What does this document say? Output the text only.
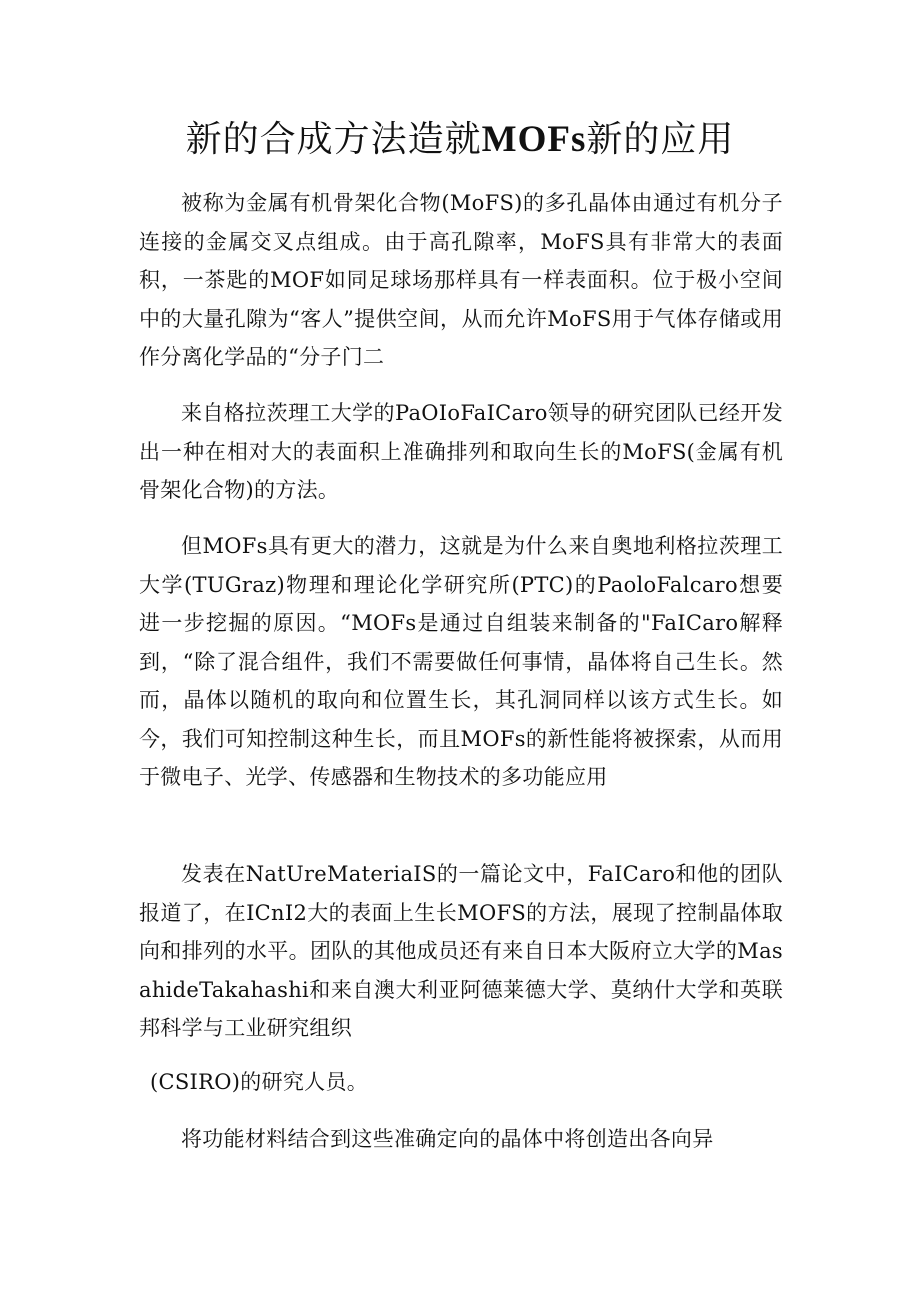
新的合成方法造就MOFs新的应用

被称为金属有机骨架化合物(MoFS)的多孔晶体由通过有机分子连接的金属交叉点组成。由于高孔隙率，MoFS具有非常大的表面积，一茶匙的MOF如同足球场那样具有一样表面积。位于极小空间中的大量孔隙为“客人”提供空间，从而允许MoFS用于气体存储或用作分离化学品的“分子门二

来自格拉茨理工大学的PaOIoFaICaro领导的研究团队已经开发出一种在相对大的表面积上准确排列和取向生长的MoFS(金属有机骨架化合物)的方法。

但MOFs具有更大的潜力，这就是为什么来自奥地利格拉茨理工大学(TUGraz)物理和理论化学研究所(PTC)的PaoloFalcaro想要进一步挖掘的原因。“MOFs是通过自组装来制备的"FaICaro解释到，“除了混合组件，我们不需要做任何事情，晶体将自己生长。然而，晶体以随机的取向和位置生长，其孔洞同样以该方式生长。如今，我们可知控制这种生长，而且MOFs的新性能将被探索，从而用于微电子、光学、传感器和生物技术的多功能应用

发表在NatUreMateriaIS的一篇论文中，FaICaro和他的团队报道了，在ICnI2大的表面上生长MOFS的方法，展现了控制晶体取向和排列的水平。团队的其他成员还有来自日本大阪府立大学的MasahideTakahashi和来自澳大利亚阿德莱德大学、莫纳什大学和英联邦科学与工业研究组织

(CSIRO)的研究人员。

将功能材料结合到这些准确定向的晶体中将创造出各向异
